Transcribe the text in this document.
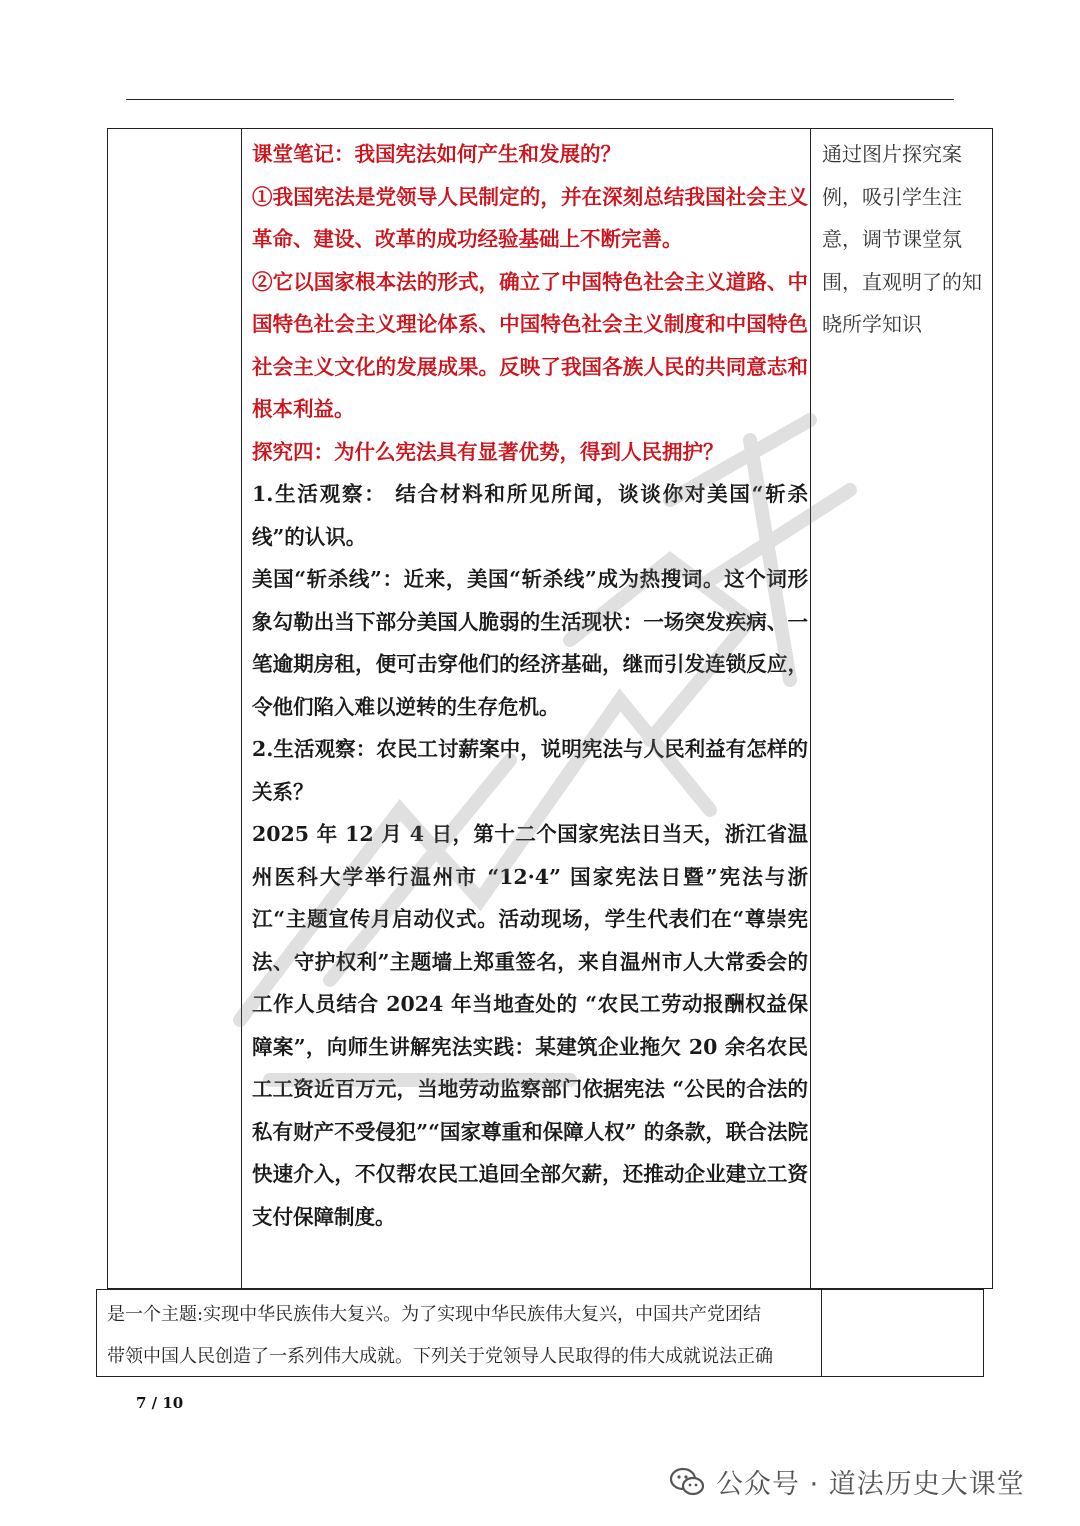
课堂笔记：我国宪法如何产生和发展的？

①我国宪法是党领导人民制定的，并在深刻总结我国社会主义革命、建设、改革的成功经验基础上不断完善。

②它以国家根本法的形式，确立了中国特色社会主义道路、中国特色社会主义理论体系、中国特色社会主义制度和中国特色社会主义文化的发展成果。反映了我国各族人民的共同意志和根本利益。

探究四：为什么宪法具有显著优势，得到人民拥护？

1.生活观察： 结合材料和所见所闻，谈谈你对美国“斩杀线”的认识。

美国“斩杀线”：近来，美国“斩杀线”成为热搜词。这个词形象勾勒出当下部分美国人脆弱的生活现状：一场突发疾病、一笔逾期房租，便可击穿他们的经济基础，继而引发连锁反应，令他们陷入难以逆转的生存危机。

2.生活观察：农民工讨薪案中，说明宪法与人民利益有怎样的关系？

2025 年 12 月 4 日，第十二个国家宪法日当天，浙江省温州医科大学举行温州市 “12·4” 国家宪法日暨”宪法与浙江“主题宣传月启动仪式。活动现场，学生代表们在“尊崇宪法、守护权利”主题墙上郑重签名，来自温州市人大常委会的工作人员结合 2024 年当地查处的 “农民工劳动报酬权益保障案”，向师生讲解宪法实践：某建筑企业拖欠 20 余名农民工工资近百万元，当地劳动监察部门依据宪法 “公民的合法的私有财产不受侵犯”“国家尊重和保障人权” 的条款，联合法院快速介入，不仅帮农民工追回全部欠薪，还推动企业建立工资支付保障制度。

通过图片探究案例，吸引学生注意，调节课堂氛围，直观明了的知晓所学知识

是一个主题:实现中华民族伟大复兴。为了实现中华民族伟大复兴，中国共产党团结

带领中国人民创造了一系列伟大成就。下列关于党领导人民取得的伟大成就说法正确

7 / 10
公众号 · 道法历史大课堂
